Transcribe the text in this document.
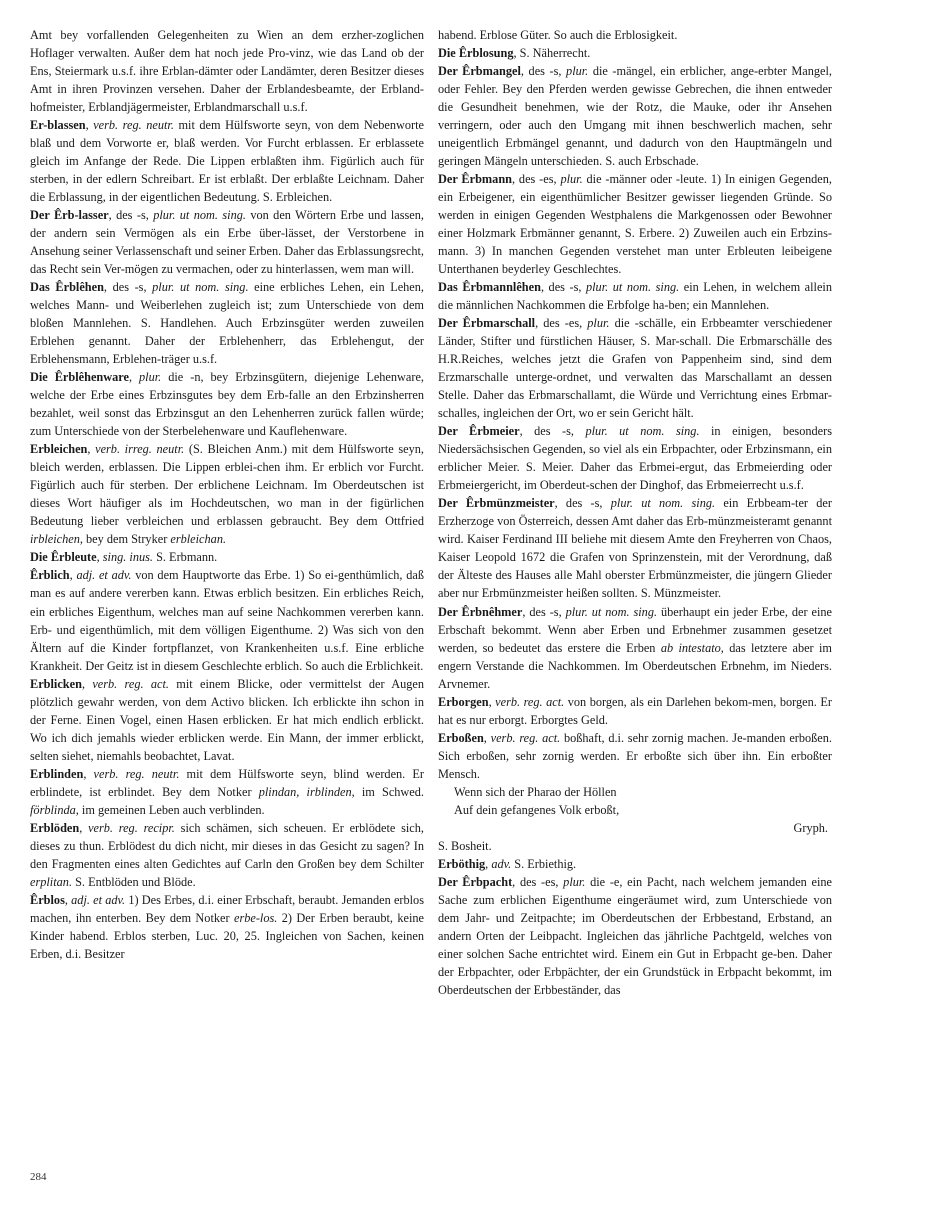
Amt bey vorfallenden Gelegenheiten zu Wien an dem erzher-zoglichen Hoflager verwalten. Außer dem hat noch jede Pro-vinz, wie das Land ob der Ens, Steiermark u.s.f. ihre Erblan-dämter oder Landämter, deren Besitzer dieses Amt in ihren Provinzen versehen. Daher der Erblandesbeamte, der Erbland-hofmeister, Erblandjägermeister, Erblandmarschall u.s.f.

Er-blassen, verb. reg. neutr. mit dem Hülfsworte seyn, von dem Nebenworte blaß und dem Vorworte er, blaß werden. Vor Furcht erblassen. Er erblassete gleich im Anfange der Rede. Die Lippen erblaßten ihm. Figürlich auch für sterben, in der edlern Schreibart. Er ist erblaßt. Der erblaßte Leichnam. Daher die Erblassung, in der eigentlichen Bedeutung. S. Erbleichen.

Der Êrb-lasser, des -s, plur. ut nom. sing. von den Wörtern Erbe und lassen, der andern sein Vermögen als ein Erbe über-lässet, der Verstorbene in Ansehung seiner Verlassenschaft und seiner Erben. Daher das Erblassungsrecht, das Recht sein Ver-mögen zu vermachen, oder zu hinterlassen, wem man will.

Das Êrblêhen, des -s, plur. ut nom. sing. eine erbliches Lehen, ein Lehen, welches Mann- und Weiberlehen zugleich ist; zum Unterschiede von dem bloßen Mannlehen. S. Handlehen. Auch Erbzinsgüter werden zuweilen Erblehen genannt. Daher der Erblehenherr, das Erblehengut, der Erblehensmann, Erblehen-träger u.s.f.

Die Êrblêhenware, plur. die -n, bey Erbzinsgütern, diejenige Lehenware, welche der Erbe eines Erbzinsgutes bey dem Erb-falle an den Erbzinsherren bezahlet, weil sonst das Erbzinsgut an den Lehenherren zurück fallen würde; zum Unterschiede von der Sterbelehenware und Kauflehenware.

Erbleichen, verb. irreg. neutr. (S. Bleichen Anm.) mit dem Hülfsworte seyn, bleich werden, erblassen. Die Lippen erblei-chen ihm. Er erblich vor Furcht. Figürlich auch für sterben. Der erblichene Leichnam. Im Oberdeutschen ist dieses Wort häufiger als im Hochdeutschen, wo man in der figürlichen Bedeutung lieber verbleichen und erblassen gebraucht. Bey dem Ottfried irbleichen, bey dem Stryker erbleichan.

Die Êrbleute, sing. inus. S. Erbmann.

Êrblich, adj. et adv. von dem Hauptworte das Erbe. 1) So ei-genthümlich, daß man es auf andere vererben kann. Etwas erblich besitzen. Ein erbliches Reich, ein erbliches Eigenthum, welches man auf seine Nachkommen vererben kann. Erb- und eigenthümlich, mit dem völligen Eigenthume. 2) Was sich von den Ältern auf die Kinder fortpflanzet, von Krankenheiten u.s.f. Eine erbliche Krankheit. Der Geitz ist in diesem Geschlechte erblich. So auch die Erblichkeit.

Erblicken, verb. reg. act. mit einem Blicke, oder vermittelst der Augen plötzlich gewahr werden, von dem Activo blicken. Ich erblickte ihn schon in der Ferne. Einen Vogel, einen Hasen erblicken. Er hat mich endlich erblickt. Wo ich dich jemahls wieder erblicken werde. Ein Mann, der immer erblickt, selten siehet, niemahls beobachtet, Lavat.

Erblinden, verb. reg. neutr. mit dem Hülfsworte seyn, blind werden. Er erblindete, ist erblindet. Bey dem Notker plindan, irblinden, im Schwed. förblinda, im gemeinen Leben auch verblinden.

Erblöden, verb. reg. recipr. sich schämen, sich scheuen. Er erblödete sich, dieses zu thun. Erblödest du dich nicht, mir dieses in das Gesicht zu sagen? In den Fragmenten eines alten Gedichtes auf Carln den Großen bey dem Schilter erplitan. S. Entblöden und Blöde.

Êrblos, adj. et adv. 1) Des Erbes, d.i. einer Erbschaft, beraubt. Jemanden erblos machen, ihn enterben. Bey dem Notker erbe-los. 2) Der Erben beraubt, keine Kinder habend. Erblos sterben, Luc. 20, 25. Ingleichen von Sachen, keinen Erben, d.i. Besitzer

habend. Erblose Güter. So auch die Erblosigkeit.

Die Êrblosung, S. Näherrecht.

Der Êrbmangel, des -s, plur. die -mängel, ein erblicher, ange-erbter Mangel, oder Fehler. Bey den Pferden werden gewisse Gebrechen, die ihnen entweder die Gesundheit benehmen, wie der Rotz, die Mauke, oder ihr Ansehen verringern, oder auch den Umgang mit ihnen beschwerlich machen, sehr uneigentlich Erbmängel genannt, und dadurch von den Hauptmängeln und geringen Mängeln unterschieden. S. auch Erbschade.

Der Êrbmann, des -es, plur. die -männer oder -leute. 1) In einigen Gegenden, ein Erbeigener, ein eigenthümlicher Besitzer gewisser liegenden Gründe. So werden in einigen Gegenden Westphalens die Markgenossen oder Bewohner einer Holzmark Erbmänner genannt, S. Erbere. 2) Zuweilen auch ein Erbzins-mann. 3) In manchen Gegenden verstehet man unter Erbleuten leibeigene Unterthanen beyderley Geschlechtes.

Das Êrbmannlêhen, des -s, plur. ut nom. sing. ein Lehen, in welchem allein die männlichen Nachkommen die Erbfolge ha-ben; ein Mannlehen.

Der Êrbmarschall, des -es, plur. die -schälle, ein Erbbeamter verschiedener Länder, Stifter und fürstlichen Häuser, S. Mar-schall. Die Erbmarschälle des H.R.Reiches, welches jetzt die Grafen von Pappenheim sind, sind dem Erzmarschalle unterge-ordnet, und verwalten das Marschallamt an dessen Stelle. Daher das Erbmarschallamt, die Würde und Verrichtung eines Erbmar-schalles, ingleichen der Ort, wo er sein Gericht hält.

Der Êrbmeier, des -s, plur. ut nom. sing. in einigen, besonders Niedersächsischen Gegenden, so viel als ein Erbpachter, oder Erbzinsmann, ein erblicher Meier. S. Meier. Daher das Erbmei-ergut, das Erbmeierding oder Erbmeiergericht, im Oberdeut-schen der Dinghof, das Erbmeierrecht u.s.f.

Der Êrbmünzmeister, des -s, plur. ut nom. sing. ein Erbbeam-ter der Erzherzoge von Österreich, dessen Amt daher das Erb-münzmeisteramt genannt wird. Kaiser Ferdinand III beliehe mit diesem Amte den Freyherren von Chaos, Kaiser Leopold 1672 die Grafen von Sprinzenstein, mit der Verordnung, daß der Älteste des Hauses alle Mahl oberster Erbmünzmeister, die jüngern Glieder aber nur Erbmünzmeister heißen sollten. S. Münzmeister.

Der Êrbnêhmer, des -s, plur. ut nom. sing. überhaupt ein jeder Erbe, der eine Erbschaft bekommt. Wenn aber Erben und Erbnehmer zusammen gesetzet werden, so bedeutet das erstere die Erben ab intestato, das letztere aber im engern Verstande die Nachkommen. Im Oberdeutschen Erbnehm, im Nieders. Arvnemer.

Erborgen, verb. reg. act. von borgen, als ein Darlehen bekom-men, borgen. Er hat es nur erborgt. Erborgtes Geld.

Erboßen, verb. reg. act. boßhaft, d.i. sehr zornig machen. Je-manden erboßen. Sich erboßen, sehr zornig werden. Er erboßte sich über ihn. Ein erboßter Mensch.

Wenn sich der Pharao der Höllen

Auf dein gefangenes Volk erboßt,

Gryph.

S. Bosheit.

Erböthig, adv. S. Erbiethig.

Der Êrbpacht, des -es, plur. die -e, ein Pacht, nach welchem jemanden eine Sache zum erblichen Eigenthume eingeräumet wird, zum Unterschiede von dem Jahr- und Zeitpachte; im Oberdeutschen der Erbbestand, Erbstand, an andern Orten der Leibpacht. Ingleichen das jährliche Pachtgeld, welches von einer solchen Sache entrichtet wird. Einem ein Gut in Erbpacht ge-ben. Daher der Erbpachter, oder Erbpächter, der ein Grundstück in Erbpacht bekommt, im Oberdeutschen der Erbbeständer, das

284
